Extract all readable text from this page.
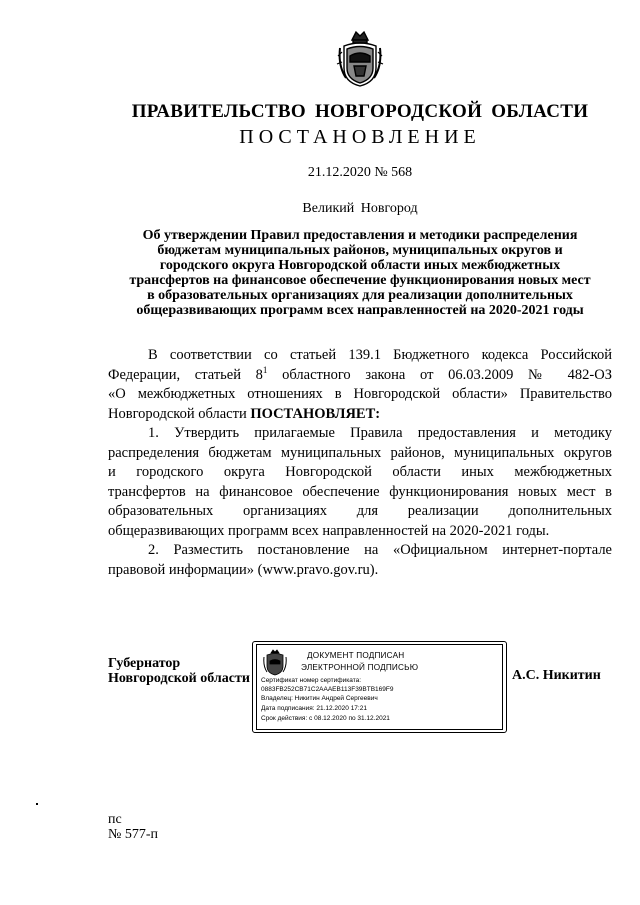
ПРАВИТЕЛЬСТВО НОВГОРОДСКОЙ ОБЛАСТИ
ПОСТАНОВЛЕНИЕ
21.12.2020 № 568
Великий Новгород
Об утверждении Правил предоставления и методики распределения
бюджетам муниципальных районов, муниципальных округов и
городского округа Новгородской области иных межбюджетных
трансфертов на финансовое обеспечение функционирования новых мест
в образовательных организациях для реализации дополнительных
общеразвивающих программ всех направленностей на 2020-2021 годы
В соответствии со статьей 139.1 Бюджетного кодекса Российской
Федерации, статьей $8^1$ областного закона от 06.03.2009 № 482-ОЗ
«О межбюджетных отношениях в Новгородской области» Правительство
Новгородской области ПОСТАНОВЛЯЕТ:
1. Утвердить прилагаемые Правила предоставления и методику
распределения бюджетам муниципальных районов, муниципальных округов
и городского округа Новгородской области иных межбюджетных
трансфертов на финансовое обеспечение функционирования новых мест в
образовательных организациях для реализации дополнительных
общеразвивающих программ всех направленностей на 2020-2021 годы.
2. Разместить постановление на «Официальном интернет-портале
правовой информации» (www.pravo.gov.ru).
Губернатор
Новгородской области
ДОКУМЕНТ ПОДПИСАН
ЭЛЕКТРОННОЙ ПОДПИСЬЮ
Сертификат номер сертификата:
0883FB252CB71C2AAAEB113F39BTB169F9
Владелец: Никитин Андрей Сергеевич
Дата подписания: 21.12.2020 17:21
Срок действия: с 08.12.2020 по 31.12.2021
А.С. Никитин
пс
№ 577-п
